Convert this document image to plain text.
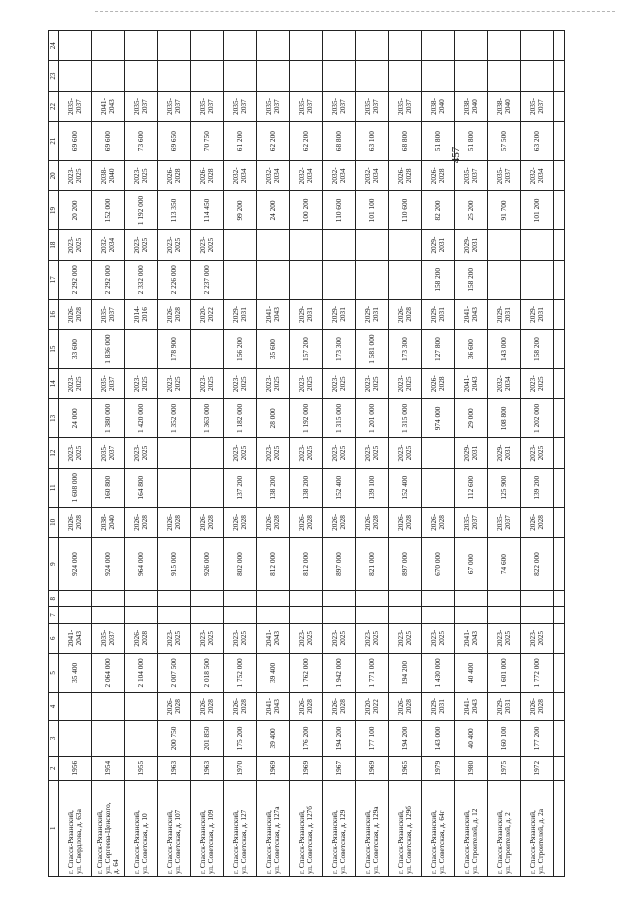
457
1	2	3	4	5	6	7	8	9	10	11	12	13	14	15	16	17	18	19	20	21	22	23	24
г. Спасск-Рязанский,
ул. Свердлова, д. 63а	1956			35 400	2041-
2043			924 000	2026-
2028	1 608 000	2023-
2025	24 000	2023-
2025	33 600	2026-
2028	2 292 000	2023-
2025	20 200	2023-
2025	69 600	2035-
2037		
г. Спасск-Рязанский,
ул. Сергеева-Ценского,
д. 64	1954			2 064 000	2035-
2037			924 000	2038-
2040	160 800	2035-
2037	1 380 000	2035-
2037	1 836 000	2035-
2037	2 292 000	2032-
2034	152 000	2038-
2040	69 600	2041-
2043		
г. Спасск-Рязанский,
ул. Советская, д. 10	1955			2 104 000	2026-
2028			964 000	2026-
2028	164 800	2023-
2025	1 420 000	2023-
2025		2014-
2016	2 332 000	2023-
2025	1 192 000	2023-
2025	73 600	2035-
2037		
г. Спасск-Рязанский,
ул. Советская, д. 107	1963	200 750	2026-
2028	2 007 500	2023-
2025			915 000	2026-
2028			1 352 000	2023-
2025	178 900	2026-
2028	2 226 000	2023-
2025	113 350	2026-
2028	69 650	2035-
2037		
г. Спасск-Рязанский,
ул. Советская, д. 109	1963	201 850	2026-
2028	2 018 500	2023-
2025			926 000	2026-
2028			1 363 000	2023-
2025		2020-
2022	2 237 000	2023-
2025	114 450	2026-
2028	70 750	2035-
2037		
г. Спасск-Рязанский,
ул. Советская, д. 127	1970	175 200	2026-
2028	1 752 000	2023-
2025			802 000	2026-
2028	137 200	2023-
2025	1 182 000	2023-
2025	156 200	2029-
2031			99 200	2032-
2034	61 200	2035-
2037		
г. Спасск-Рязанский,
ул. Советская, д. 127а	1969	39 400	2041-
2043	39 400	2041-
2043			812 000	2026-
2028	138 200	2023-
2025	28 000	2023-
2025	35 600	2041-
2043			24 200	2032-
2034	62 200	2035-
2037		
г. Спасск-Рязанский,
ул. Советская, д. 127б	1969	176 200	2026-
2028	1 762 000	2023-
2025			812 000	2026-
2028	138 200	2023-
2025	1 192 000	2023-
2025	157 200	2029-
2031			100 200	2032-
2034	62 200	2035-
2037		
г. Спасск-Рязанский,
ул. Советская, д. 129	1967	194 200	2026-
2028	1 942 000	2023-
2025			897 000	2026-
2028	152 400	2023-
2025	1 315 000	2023-
2025	173 300	2029-
2031			110 600	2032-
2034	68 800	2035-
2037		
г. Спасск-Рязанский,
ул. Советская, д. 129а	1969	177 100	2020-
2022	1 771 000	2023-
2025			821 000	2026-
2028	139 100	2023-
2025	1 201 000	2023-
2025	1 581 000	2029-
2031			101 100	2032-
2034	63 100	2035-
2037		
г. Спасск-Рязанский,
ул. Советская, д. 129б	1965	194 200	2026-
2028	194 200	2023-
2025			897 000	2026-
2028	152 400	2023-
2025	1 315 000	2023-
2025	173 300	2026-
2028			110 600	2026-
2028	68 800	2035-
2037		
г. Спасск-Рязанский,
ул. Советская, д. 64г	1979	143 000	2029-
2031	1 430 000	2023-
2025			670 000	2026-
2028			974 000	2026-
2028	127 800	2029-
2031	158 200	2029-
2031	82 200	2026-
2028	51 800	2038-
2040		
г. Спасск-Рязанский,
ул. Строителей, д. 12	1980	40 400	2041-
2043	40 400	2041-
2043			67 000	2035-
2037	112 600	2029-
2031	29 000	2041-
2043	36 600	2041-
2043	158 200	2029-
2031	25 200	2035-
2037	51 800	2038-
2040		
г. Спасск-Рязанский,
ул. Строителей, д. 2	1975	160 100	2029-
2031	1 601 000	2023-
2025			74 600	2035-
2037	125 900	2029-
2031	108 800	2032-
2034	143 000	2029-
2031			91 700	2035-
2037	57 500	2038-
2040		
г. Спасск-Рязанский,
ул. Строителей, д. 2а	1972	177 200	2026-
2028	1 772 000	2023-
2025			822 000	2026-
2028	139 200	2023-
2025	1 202 000	2023-
2025	158 200	2029-
2031			101 200	2032-
2034	63 200	2035-
2037		
